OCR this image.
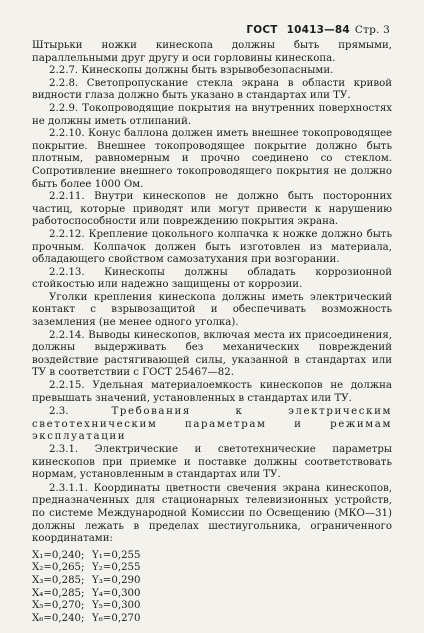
ГОСТ 10413—84 Стр. 3

Штырьки ножки кинескопа должны быть прямыми, параллельными друг другу и оси горловины кинескопа.

2.2.7. Кинескопы должны быть взрывобезопасными.

2.2.8. Светопропускание стекла экрана в области кривой видности глаза должно быть указано в стандартах или ТУ.

2.2.9. Токопроводящие покрытия на внутренних поверхностях не должны иметь отлипаний.

2.2.10. Конус баллона должен иметь внешнее токопроводящее покрытие. Внешнее токопроводящее покрытие должно быть плотным, равномерным и прочно соединено со стеклом. Сопротивление внешнего токопроводящего покрытия не должно быть более 1000 Ом.

2.2.11. Внутри кинескопов не должно быть посторонних частиц, которые приводят или могут привести к нарушению работоспособности или повреждению покрытия экрана.

2.2.12. Крепление цокольного колпачка к ножке должно быть прочным. Колпачок должен быть изготовлен из материала, обладающего свойством самозатухания при возгорании.

2.2.13. Кинескопы должны обладать коррозионной стойкостью или надежно защищены от коррозии.

Уголки крепления кинескопа должны иметь электрический контакт с взрывозащитой и обеспечивать возможность заземления (не менее одного уголка).

2.2.14. Выводы кинескопов, включая места их присоединения, должны выдерживать без механических повреждений воздействие растягивающей силы, указанной в стандартах или ТУ в соответствии с ГОСТ 25467—82.

2.2.15. Удельная материалоемкость кинескопов не должна превышать значений, установленных в стандартах или ТУ.

2.3.	Требования к электрическим светотехническим параметрам и режимам эксплуатации

2.3.1. Электрические и светотехнические параметры кинескопов при приемке и поставке должны соответствовать нормам, установленным в стандартах или ТУ.

2.3.1.1. Координаты цветности свечения экрана кинескопов, предназначенных для стационарных телевизионных устройств, по системе Международной Комиссии по Освещению (МКО—31) должны лежать в пределах шестиугольника, ограниченного координатами:

X₁=0,240; Y₁=0,255
X₂=0,265; Y₂=0,255
X₃=0,285; Y₃=0,290
X₄=0,285; Y₄=0,300
X₅=0,270; Y₅=0,300
X₆=0,240; Y₆=0,270
